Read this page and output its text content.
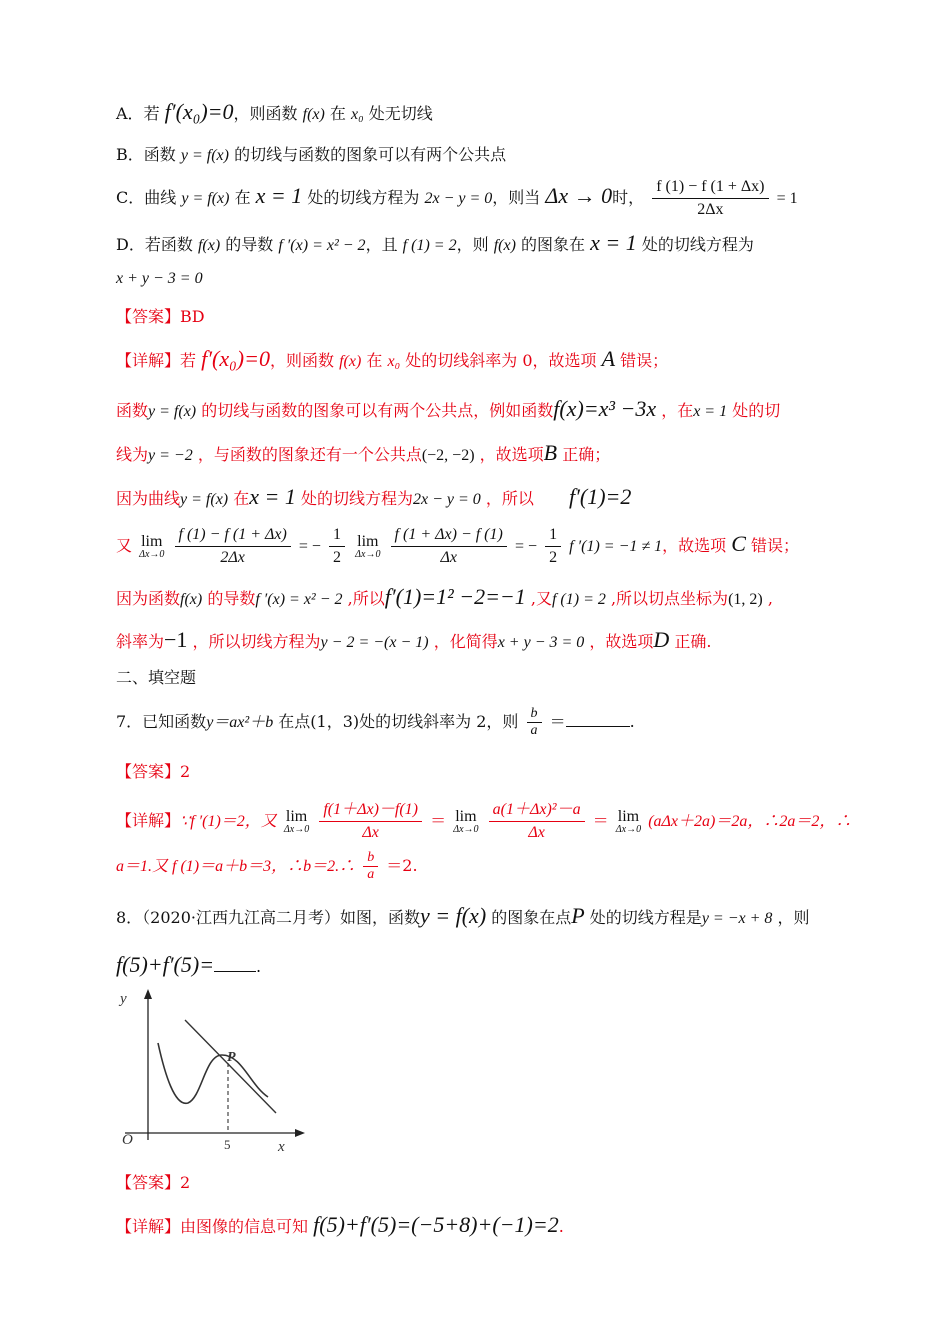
A．若 f′(x₀)=0，则函数 f(x) 在 x₀ 处无切线
B．函数 y = f(x) 的切线与函数的图象可以有两个公共点
C．曲线 y = f(x) 在 x = 1 处的切线方程为 2x − y = 0，则当 Δx → 0时， $\frac{f (1) - f (1 + \Delta x)}{2\Delta x} = 1$
D．若函数 f(x) 的导数 f ′(x) = x² − 2，且 f (1) = 2，则 f(x) 的图象在 x = 1 处的切线方程为
x + y − 3 = 0
【答案】BD
【详解】若 f′(x₀)=0，则函数 f(x) 在 x₀ 处的切线斜率为 0，故选项 A 错误；
函数y = f(x) 的切线与函数的图象可以有两个公共点，例如函数f(x)=x³ −3x ，在x = 1 处的切
线为y = −2 ，与函数的图象还有一个公共点(−2, −2) ，故选项B 正确；
因为曲线y = f(x) 在x = 1 处的切线方程为2x − y = 0 ，所以 f′(1)=2
又 lim
Δx→0
$\frac{f (1) - f (1 + \Delta x)}{2\Delta x}$ = − $\frac{1}{2}$
lim
Δx→0
$\frac{f (1 + \Delta x) - f (1)}{\Delta x}$ = − $\frac{1}{2}$ f ′(1) = −1 ≠ 1，故选项 C 错误；
因为函数f(x) 的导数f ′(x) = x² − 2 ,所以f′(1)=1² −2=−1 ,又f (1) = 2 ,所以切点坐标为(1, 2) ,
斜率为−1 ，所以切线方程为y − 2 = −(x − 1) ，化简得x + y − 3 = 0 ，故选项D 正确.
二、填空题
7．已知函数y＝ax²＋b 在点(1，3)处的切线斜率为 2，则 $\frac{b}{a}$ ＝	.
【答案】2
【详解】∵f ′(1)＝2，又 lim
Δx→0
$\frac{f(1+\Delta x)-f(1)}{\Delta x} = \lim$
Δx→0
$\frac{\text{a(1＋Δx)²－a}}{\Delta x} = \lim$
Δx→0 (aΔx＋2a)＝2a，∴2a＝2，∴
a＝1.又 f (1)＝a＋b＝3，∴b＝2.∴ $\frac{b}{a} =2$.
8．（2020·江西九江高二月考）如图，函数y = f(x) 的图象在点P 处的切线方程是y = −x + 8 ，则
f(5)+f′(5)=	.
y
x
O	5
P
【答案】2
【详解】由图像的信息可知 f(5)+f′(5)=(−5+8)+(−1)=2.
